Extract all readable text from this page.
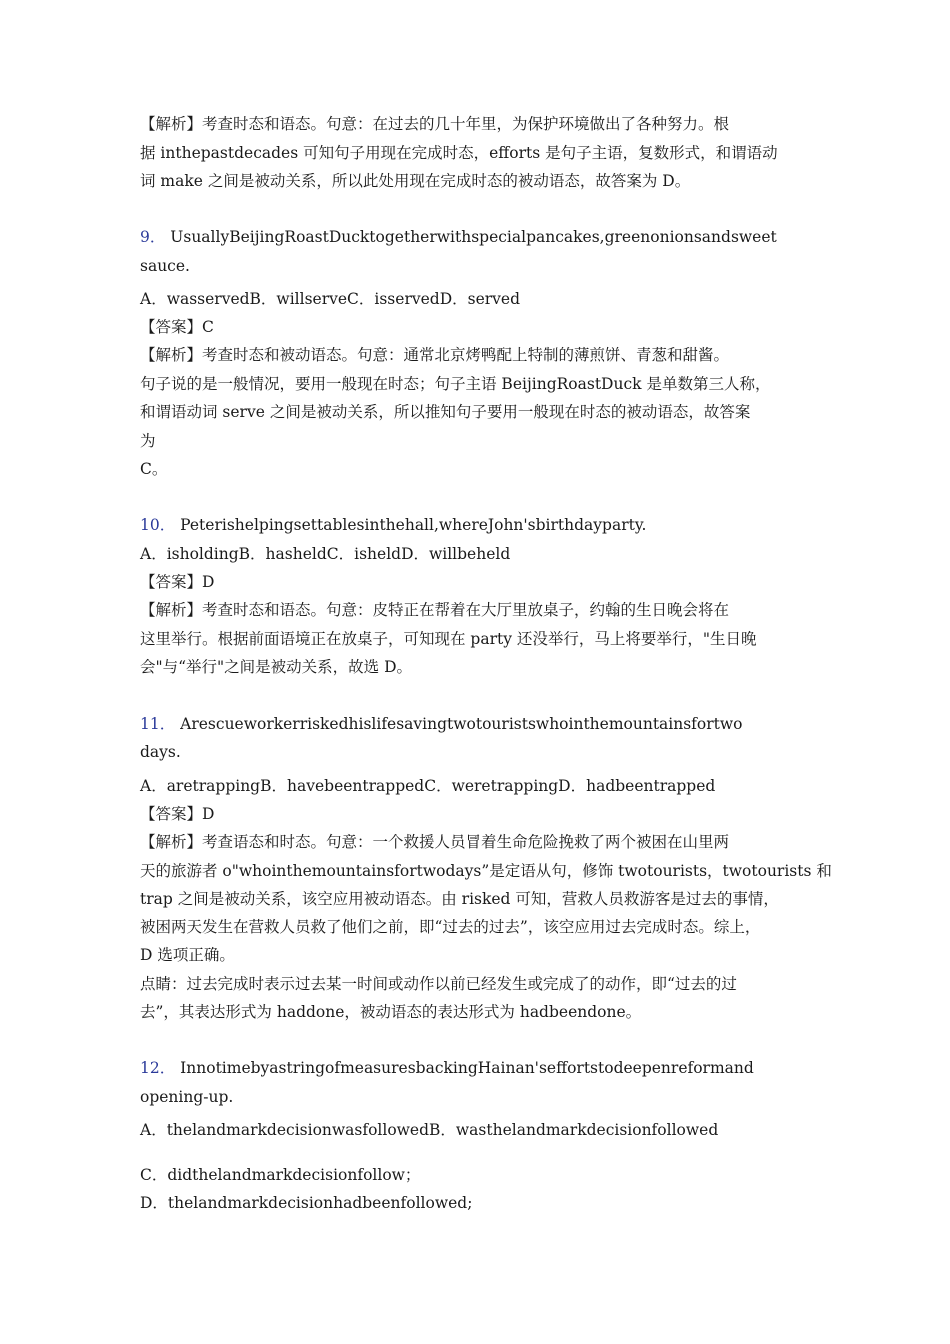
【解析】考查时态和语态。句意：在过去的几十年里，为保护环境做出了各种努力。根
据 inthepastdecades 可知句子用现在完成时态，efforts 是句子主语，复数形式，和谓语动
词 make 之间是被动关系，所以此处用现在完成时态的被动语态，故答案为 D。
9． UsuallyBeijingRoastDucktogetherwithspecialpancakes,greenonionsandsweet
sauce.
A．wasservedB．willserveC．isservedD．served
【答案】C
【解析】考查时态和被动语态。句意：通常北京烤鸭配上特制的薄煎饼、青葱和甜酱。
句子说的是一般情况，要用一般现在时态；句子主语 BeijingRoastDuck 是单数第三人称，
和谓语动词 serve 之间是被动关系，所以推知句子要用一般现在时态的被动语态，故答案
为
C。
10． Peterishelpingsettablesinthehall,whereJohn'sbirthdayparty.
A．isholdingB．hasheldC．isheldD．willbeheld
【答案】D
【解析】考查时态和语态。句意：皮特正在帮着在大厅里放桌子，约翰的生日晚会将在
这里举行。根据前面语境正在放桌子，可知现在 party 还没举行，马上将要举行，"生日晚
会"与“举行"之间是被动关系，故选 D。
11． Arescueworkerriskedhislifesavingtwotouristswhointhemountainsfortwo
days.
A．aretrappingB．havebeentrappedC．weretrappingD．hadbeentrapped
【答案】D
【解析】考查语态和时态。句意：一个救援人员冒着生命危险挽救了两个被困在山里两
天的旅游者 o"whointhemountainsfortwodays”是定语从句，修饰 twotourists，twotourists 和
trap 之间是被动关系，该空应用被动语态。由 risked 可知，营救人员救游客是过去的事情，
被困两天发生在营救人员救了他们之前，即“过去的过去”，该空应用过去完成时态。综上，
D 选项正确。
点睛：过去完成时表示过去某一时间或动作以前已经发生或完成了的动作，即“过去的过
去”，其表达形式为 haddone，被动语态的表达形式为 hadbeendone。
12． InnotimebyastringofmeasuresbackingHainan'seffortstodeepenreformand
opening-up.
A．thelandmarkdecisionwasfollowedB．wasthelandmarkdecisionfollowed
C．didthelandmarkdecisionfollow；
D．thelandmarkdecisionhadbeenfollowed;
